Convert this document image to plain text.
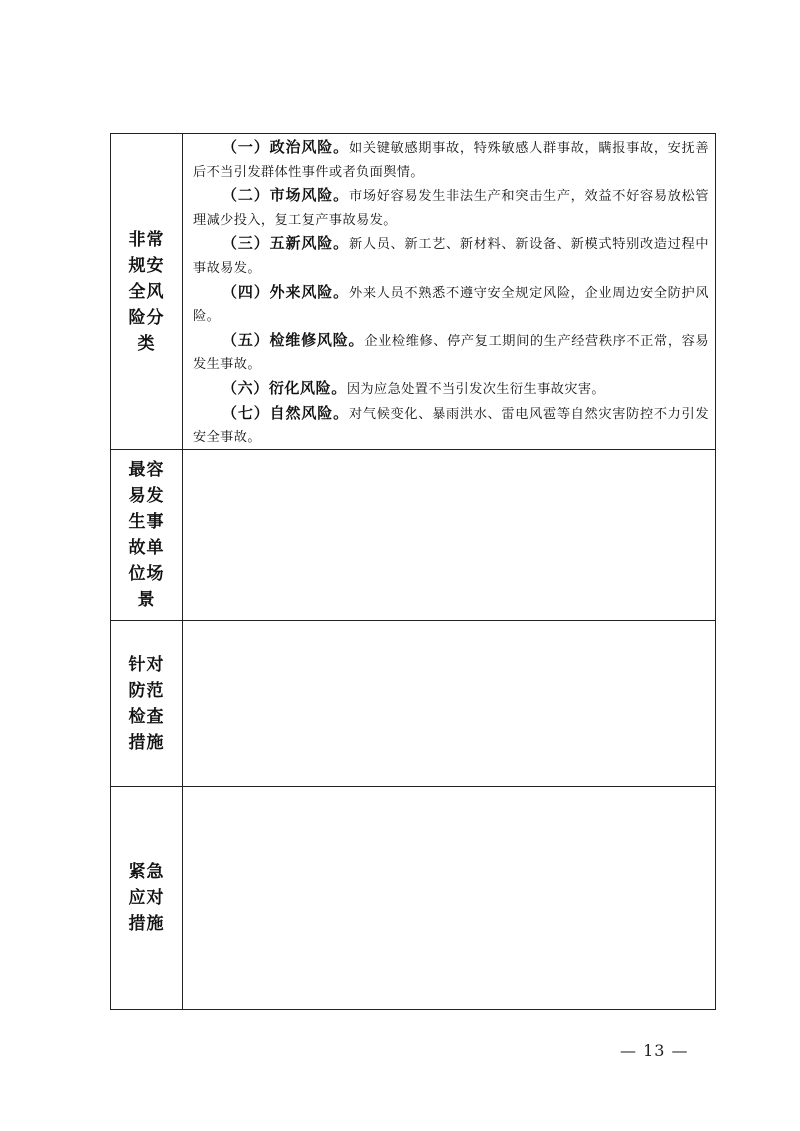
非常规安全风险分类

（一）政治风险。如关键敏感期事故，特殊敏感人群事故，瞒报事故，安抚善后不当引发群体性事件或者负面舆情。

（二）市场风险。市场好容易发生非法生产和突击生产，效益不好容易放松管理减少投入，复工复产事故易发。

（三）五新风险。新人员、新工艺、新材料、新设备、新模式特别改造过程中事故易发。

（四）外来风险。外来人员不熟悉不遵守安全规定风险，企业周边安全防护风险。

（五）检维修风险。企业检维修、停产复工期间的生产经营秩序不正常，容易发生事故。

（六）衍化风险。因为应急处置不当引发次生衍生事故灾害。

（七）自然风险。对气候变化、暴雨洪水、雷电风雹等自然灾害防控不力引发安全事故。

最容易发生事故单位场景
针对防范检查措施
紧急应对措施
— 13 —
